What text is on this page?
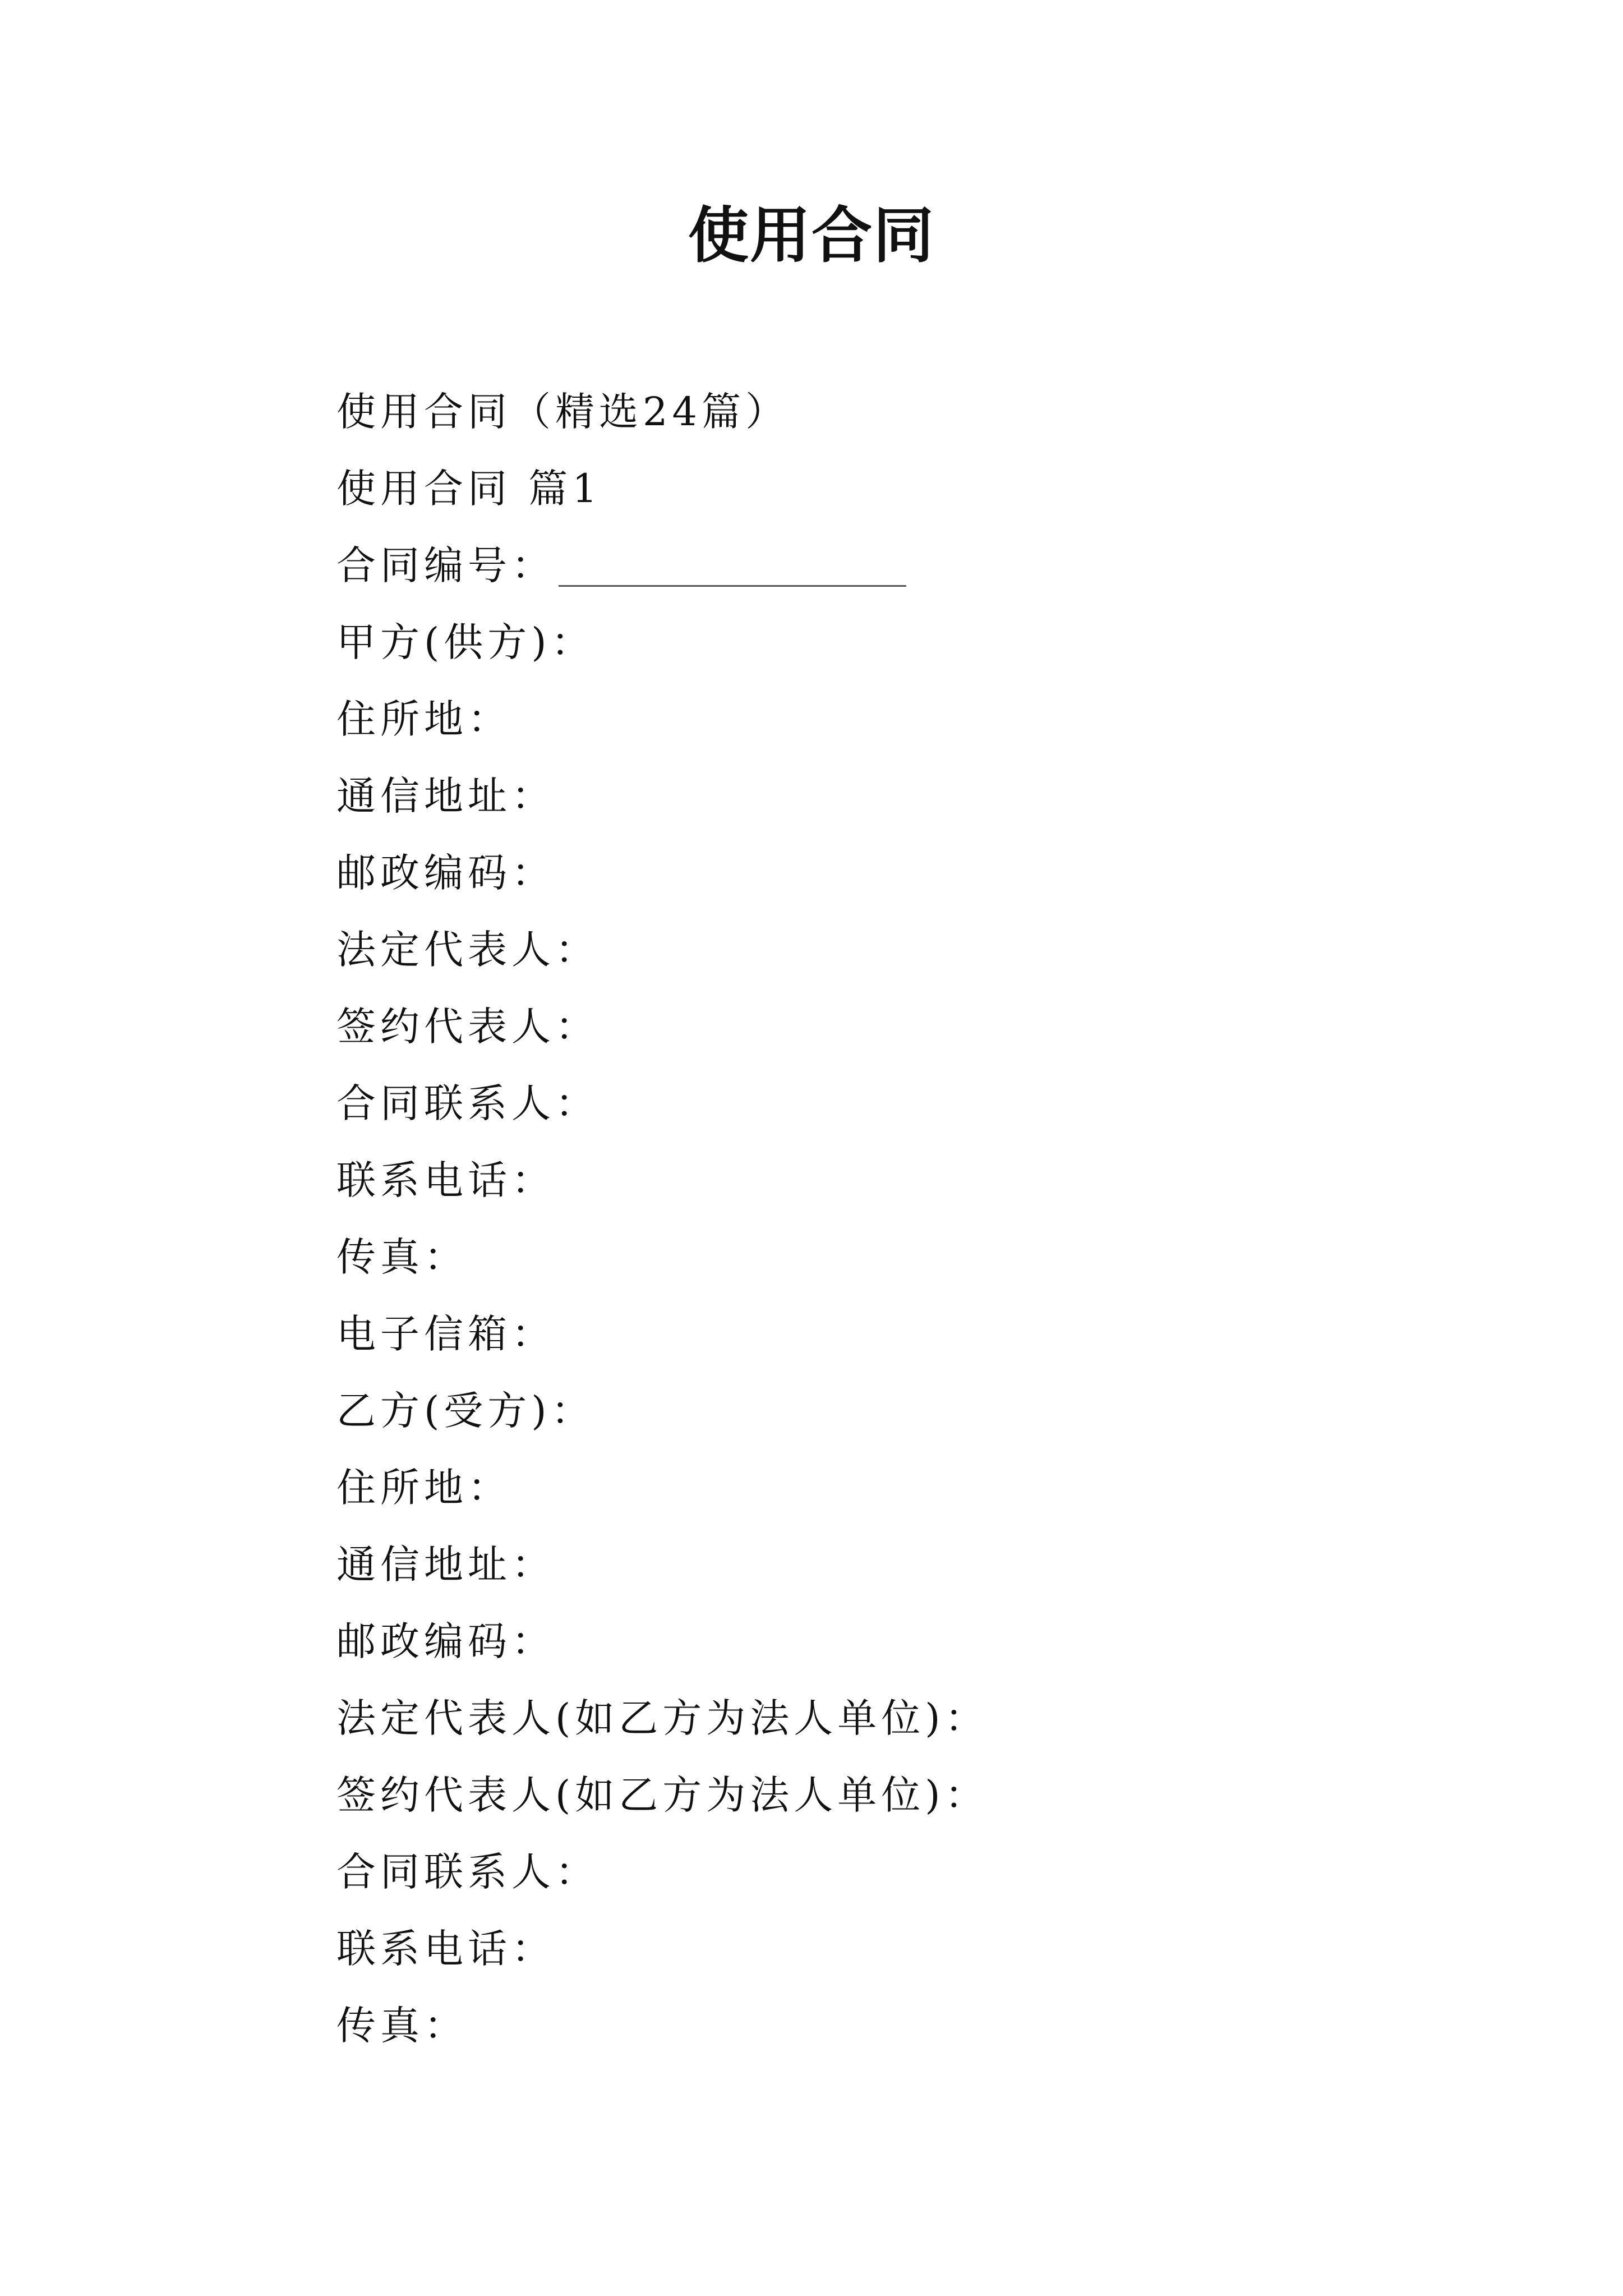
使用合同
使用合同（精选24篇）
使用合同 篇1
合同编号：
甲方(供方)：
住所地：
通信地址：
邮政编码：
法定代表人：
签约代表人：
合同联系人：
联系电话：
传真：
电子信箱：
乙方(受方)：
住所地：
通信地址：
邮政编码：
法定代表人(如乙方为法人单位)：
签约代表人(如乙方为法人单位)：
合同联系人：
联系电话：
传真：
